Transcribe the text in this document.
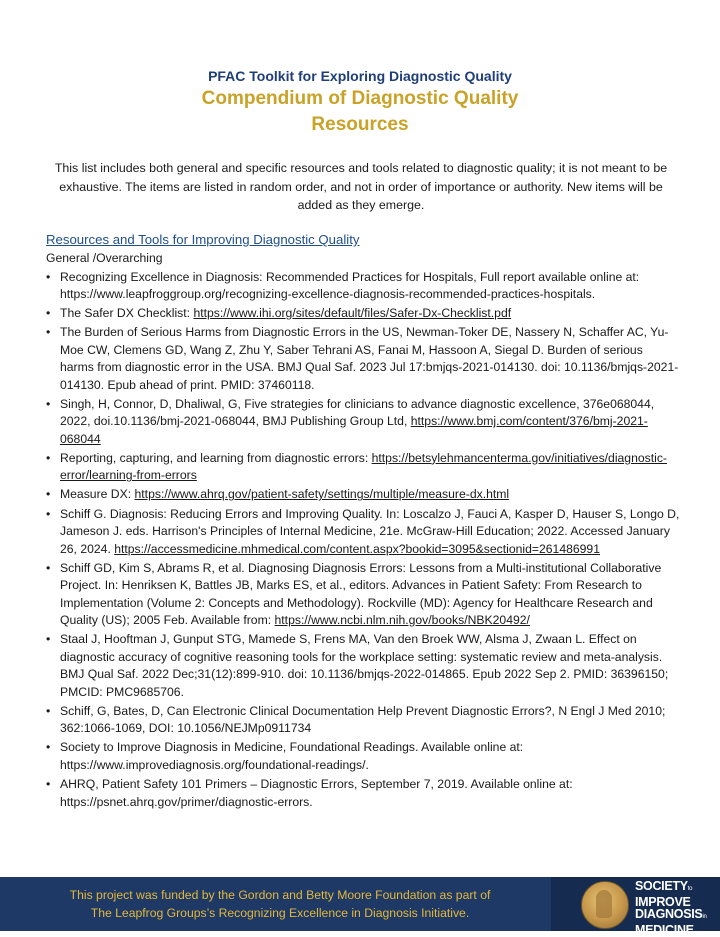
PFAC Toolkit for Exploring Diagnostic Quality
Compendium of Diagnostic Quality
Resources
This list includes both general and specific resources and tools related to diagnostic quality; it is not meant to be exhaustive. The items are listed in random order, and not in order of importance or authority. New items will be added as they emerge.
Resources and Tools for Improving Diagnostic Quality
General /Overarching
• Recognizing Excellence in Diagnosis: Recommended Practices for Hospitals, Full report available online at: https://www.leapfroggroup.org/recognizing-excellence-diagnosis-recommended-practices-hospitals.
• The Safer DX Checklist: https://www.ihi.org/sites/default/files/Safer-Dx-Checklist.pdf
• The Burden of Serious Harms from Diagnostic Errors in the US, Newman-Toker DE, Nassery N, Schaffer AC, Yu-Moe CW, Clemens GD, Wang Z, Zhu Y, Saber Tehrani AS, Fanai M, Hassoon A, Siegal D. Burden of serious harms from diagnostic error in the USA. BMJ Qual Saf. 2023 Jul 17:bmjqs-2021-014130. doi: 10.1136/bmjqs-2021-014130. Epub ahead of print. PMID: 37460118.
• Singh, H, Connor, D, Dhaliwal, G, Five strategies for clinicians to advance diagnostic excellence, 376e068044, 2022, doi.10.1136/bmj-2021-068044, BMJ Publishing Group Ltd, https://www.bmj.com/content/376/bmj-2021-068044
• Reporting, capturing, and learning from diagnostic errors: https://betsylehmancenterma.gov/initiatives/diagnostic-error/learning-from-errors
• Measure DX: https://www.ahrq.gov/patient-safety/settings/multiple/measure-dx.html
• Schiff G. Diagnosis: Reducing Errors and Improving Quality. In: Loscalzo J, Fauci A, Kasper D, Hauser S, Longo D, Jameson J. eds. Harrison's Principles of Internal Medicine, 21e. McGraw-Hill Education; 2022. Accessed January 26, 2024. https://accessmedicine.mhmedical.com/content.aspx?bookid=3095&sectionid=261486991
• Schiff GD, Kim S, Abrams R, et al. Diagnosing Diagnosis Errors: Lessons from a Multi-institutional Collaborative Project. In: Henriksen K, Battles JB, Marks ES, et al., editors. Advances in Patient Safety: From Research to Implementation (Volume 2: Concepts and Methodology). Rockville (MD): Agency for Healthcare Research and Quality (US); 2005 Feb. Available from: https://www.ncbi.nlm.nih.gov/books/NBK20492/
• Staal J, Hooftman J, Gunput STG, Mamede S, Frens MA, Van den Broek WW, Alsma J, Zwaan L. Effect on diagnostic accuracy of cognitive reasoning tools for the workplace setting: systematic review and meta-analysis. BMJ Qual Saf. 2022 Dec;31(12):899-910. doi: 10.1136/bmjqs-2022-014865. Epub 2022 Sep 2. PMID: 36396150; PMCID: PMC9685706.
• Schiff, G, Bates, D, Can Electronic Clinical Documentation Help Prevent Diagnostic Errors?, N Engl J Med 2010; 362:1066-1069, DOI: 10.1056/NEJMp0911734
• Society to Improve Diagnosis in Medicine, Foundational Readings. Available online at: https://www.improvediagnosis.org/foundational-readings/.
• AHRQ, Patient Safety 101 Primers – Diagnostic Errors, September 7, 2019. Available online at: https://psnet.ahrq.gov/primer/diagnostic-errors.
This project was funded by the Gordon and Betty Moore Foundation as part of
The Leapfrog Groups’s Recognizing Excellence in Diagnosis Initiative.
SOCIETYto
IMPROVE
DIAGNOSISin
MEDICINE
